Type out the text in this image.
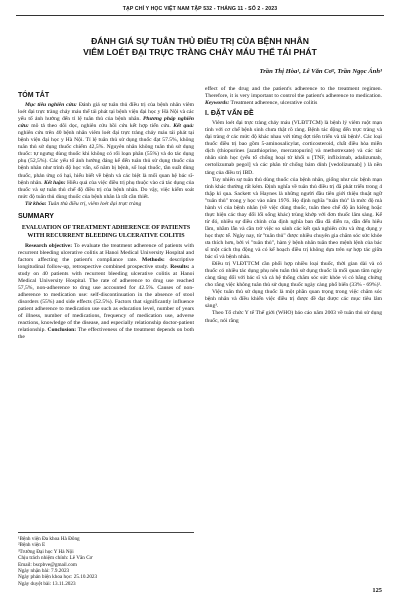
TẠP CHÍ Y HỌC VIỆT NAM TẬP 532 - THÁNG 11 - SỐ 2 - 2023
ĐÁNH GIÁ SỰ TUÂN THỦ ĐIỀU TRỊ CỦA BỆNH NHÂN
VIÊM LOÉT ĐẠI TRỰC TRÀNG CHẢY MÁU THỂ TÁI PHÁT
Trần Thị Hòa¹, Lê Văn Cơ², Trần Ngọc Ánh³
TÓM TẮT

Mục tiêu nghiên cứu: Đánh giá sự tuân thủ điều trị của bệnh nhân viêm loét đại trực tràng chảy máu thể tái phát tại bệnh viện đại học y Hà Nội và các yếu tố ảnh hưởng đến tỉ lệ tuân thủ của bệnh nhân. Phương pháp nghiên cứu: mô tả theo dõi dọc, nghiên cứu hồi cứu kết hợp tiến cứu. Kết quả: nghiên cứu trên 40 bệnh nhân viêm loét đại trực tràng chảy máu tái phát tại bệnh viện đại học y Hà Nội. Tỉ lệ tuân thủ sử dụng thuốc đạt 57.5%, không tuân thủ sử dụng thuốc chiếm 42,5%. Nguyên nhân không tuân thủ sử dụng thuốc: tự ngưng dùng thuốc khi không có rối loạn phân (55%) và do tác dụng phụ (52,5%). Các yếu tố ảnh hưởng đáng kể đến tuân thủ sử dụng thuốc của bệnh nhân như trình độ học vấn, số năm bị bệnh, số loại thuốc, tần suất dùng thuốc, phản ứng có hại, hiểu biết về bệnh và các biệt là mối quan hệ bác sĩ-bệnh nhân. Kết luận: Hiểu quả của việc điều trị phụ thuộc vào cả tác dụng của thuốc và sự tuân thủ chế độ điều trị của bệnh nhân. Do vậy, việc kiểm soát mức độ tuân thủ dùng thuốc của bệnh nhân là rất cần thiết.

Từ khóa: Tuân thủ điều trị, viêm loét đại trực tràng

SUMMARY
EVALUATION OF TREATMENT ADHERENCE OF PATIENTS WITH RECURRENT BLEEDING ULCERATIVE COLITIS

Research objective: To evaluate the treatment adherence of patients with recurrent bleeding ulcerative colitis at Hanoi Medical University Hospital and factors affecting the patient's compliance rate. Methods: descriptive longitudinal follow-up, retrospective combined prospective study. Results: a study on 40 patients with recurrent bleeding ulcerative colitis at Hanoi Medical University Hospital. The rate of adherence to drug use reached 57,5%, non-adherence to drug use accounted for 42.5%. Causes of non-adherence to medication use: self-discontinuation in the absence of stool disorders (55%) and side effects (52.5%). Factors that significantly influence patient adherence to medication use such as education level, number of years of illness, number of medications, frequency of medication use, adverse reactions, knowledge of the disease, and especially relationship doctor-patient relationship. Conclusion: The effectiveness of the treatment depends on both the

¹Bệnh viện Đa khoa Hà Đông
²Bệnh viện E
³Trường Đại học Y Hà Nội
Chịu trách nhiệm chính: Lê Văn Cơ
Email: bscpbve@gmail.com
Ngày nhận bài: 7.9.2023
Ngày phản biện khoa học: 25.10.2023
Ngày duyệt bài: 13.11.2023

effect of the drug and the patient's adherence to the treatment regimen. Therefore, it is very important to control the patient's adherence to medication. Keywords: Treatment adherence, ulcerative colitis

I. ĐẶT VẤN ĐỀ

Viêm loét đại trực tràng chảy máu (VLĐTTCM) là bệnh lý viêm ruột mạn tính với cơ chế bệnh sinh chưa thật rõ ràng. Bệnh tác động đến trực tràng và đại tràng ở các mức độ khác nhau với từng đợt tiến triển và tái bệnh¹. Các loại thuốc điều trị bao gồm 5-aminosalicylat, corticosteroid, chất điều hòa miễn dịch (thiopurines [azathioprine, mercatopurin] và methotrexate) và các tác nhân sinh học (yếu tố chống hoại tử khối u [TNF, infliximab, adalizumab, certolizumab pegol] và các phân tử chống bám dính [vedolizumab] ) là nền tảng của điều trị IBD.

Tuy nhiên sự tuân thủ dùng thuốc của bệnh nhân, giống như các bệnh mạn tính khác thường rất kém. Định nghĩa về tuân thủ điều trị đã phát triển trong 4 thập kỉ qua. Sackett và Haynes là những người đầu tiên giới thiệu thuật ngữ "tuân thủ" trong y học vào năm 1976. Họ định nghĩa "tuân thủ" là mức độ mà hành vi của bệnh nhân (về việc dùng thuốc, tuân theo chế độ ăn kiêng hoặc thực hiện các thay đổi lối sống khác) trùng khớp với đơn thuốc lâm sàng. Kể từ đó, nhiều sự điều chỉnh của định nghĩa ban đầu đã diễn ra, dẫn đến hiểu lầm, nhầm lẫn và cần trở việc so sánh các kết quả nghiên cứu và ứng dụng y học thực tế. Ngày nay, từ "tuân thủ" được nhiều chuyên gia chăm sóc sức khỏe ưa thích hơn, bởi vì "tuân thủ", hàm ý bệnh nhân tuân theo mệnh lệnh của bác sĩ một cách thụ động và có kế hoạch điều trị không dựa trên sự hợp tác giữa bác sĩ và bệnh nhân.

Điều trị VLĐTTCM cần phối hợp nhiều loại thuốc, thời gian dài và có thuốc có nhiều tác dụng phụ nên tuân thủ sử dụng thuốc là mối quan tâm ngày càng tăng đối với bác sĩ và cả hệ thống chăm sóc sức khỏe vì có bằng chứng cho rằng việc không tuân thủ sử dụng thuốc ngày càng phổ biến (33% - 69%)².

Việc tuân thủ sử dụng thuốc là một phần quan trọng trong việc chăm sóc bệnh nhân và điều khiến việc điều trị được đề đạt được các mục tiêu lâm sàng³.

Theo Tổ chức Y tế Thế giới (WHO) báo cáo năm 2003 về tuân thủ sử dụng thuốc, nói rằng

125
